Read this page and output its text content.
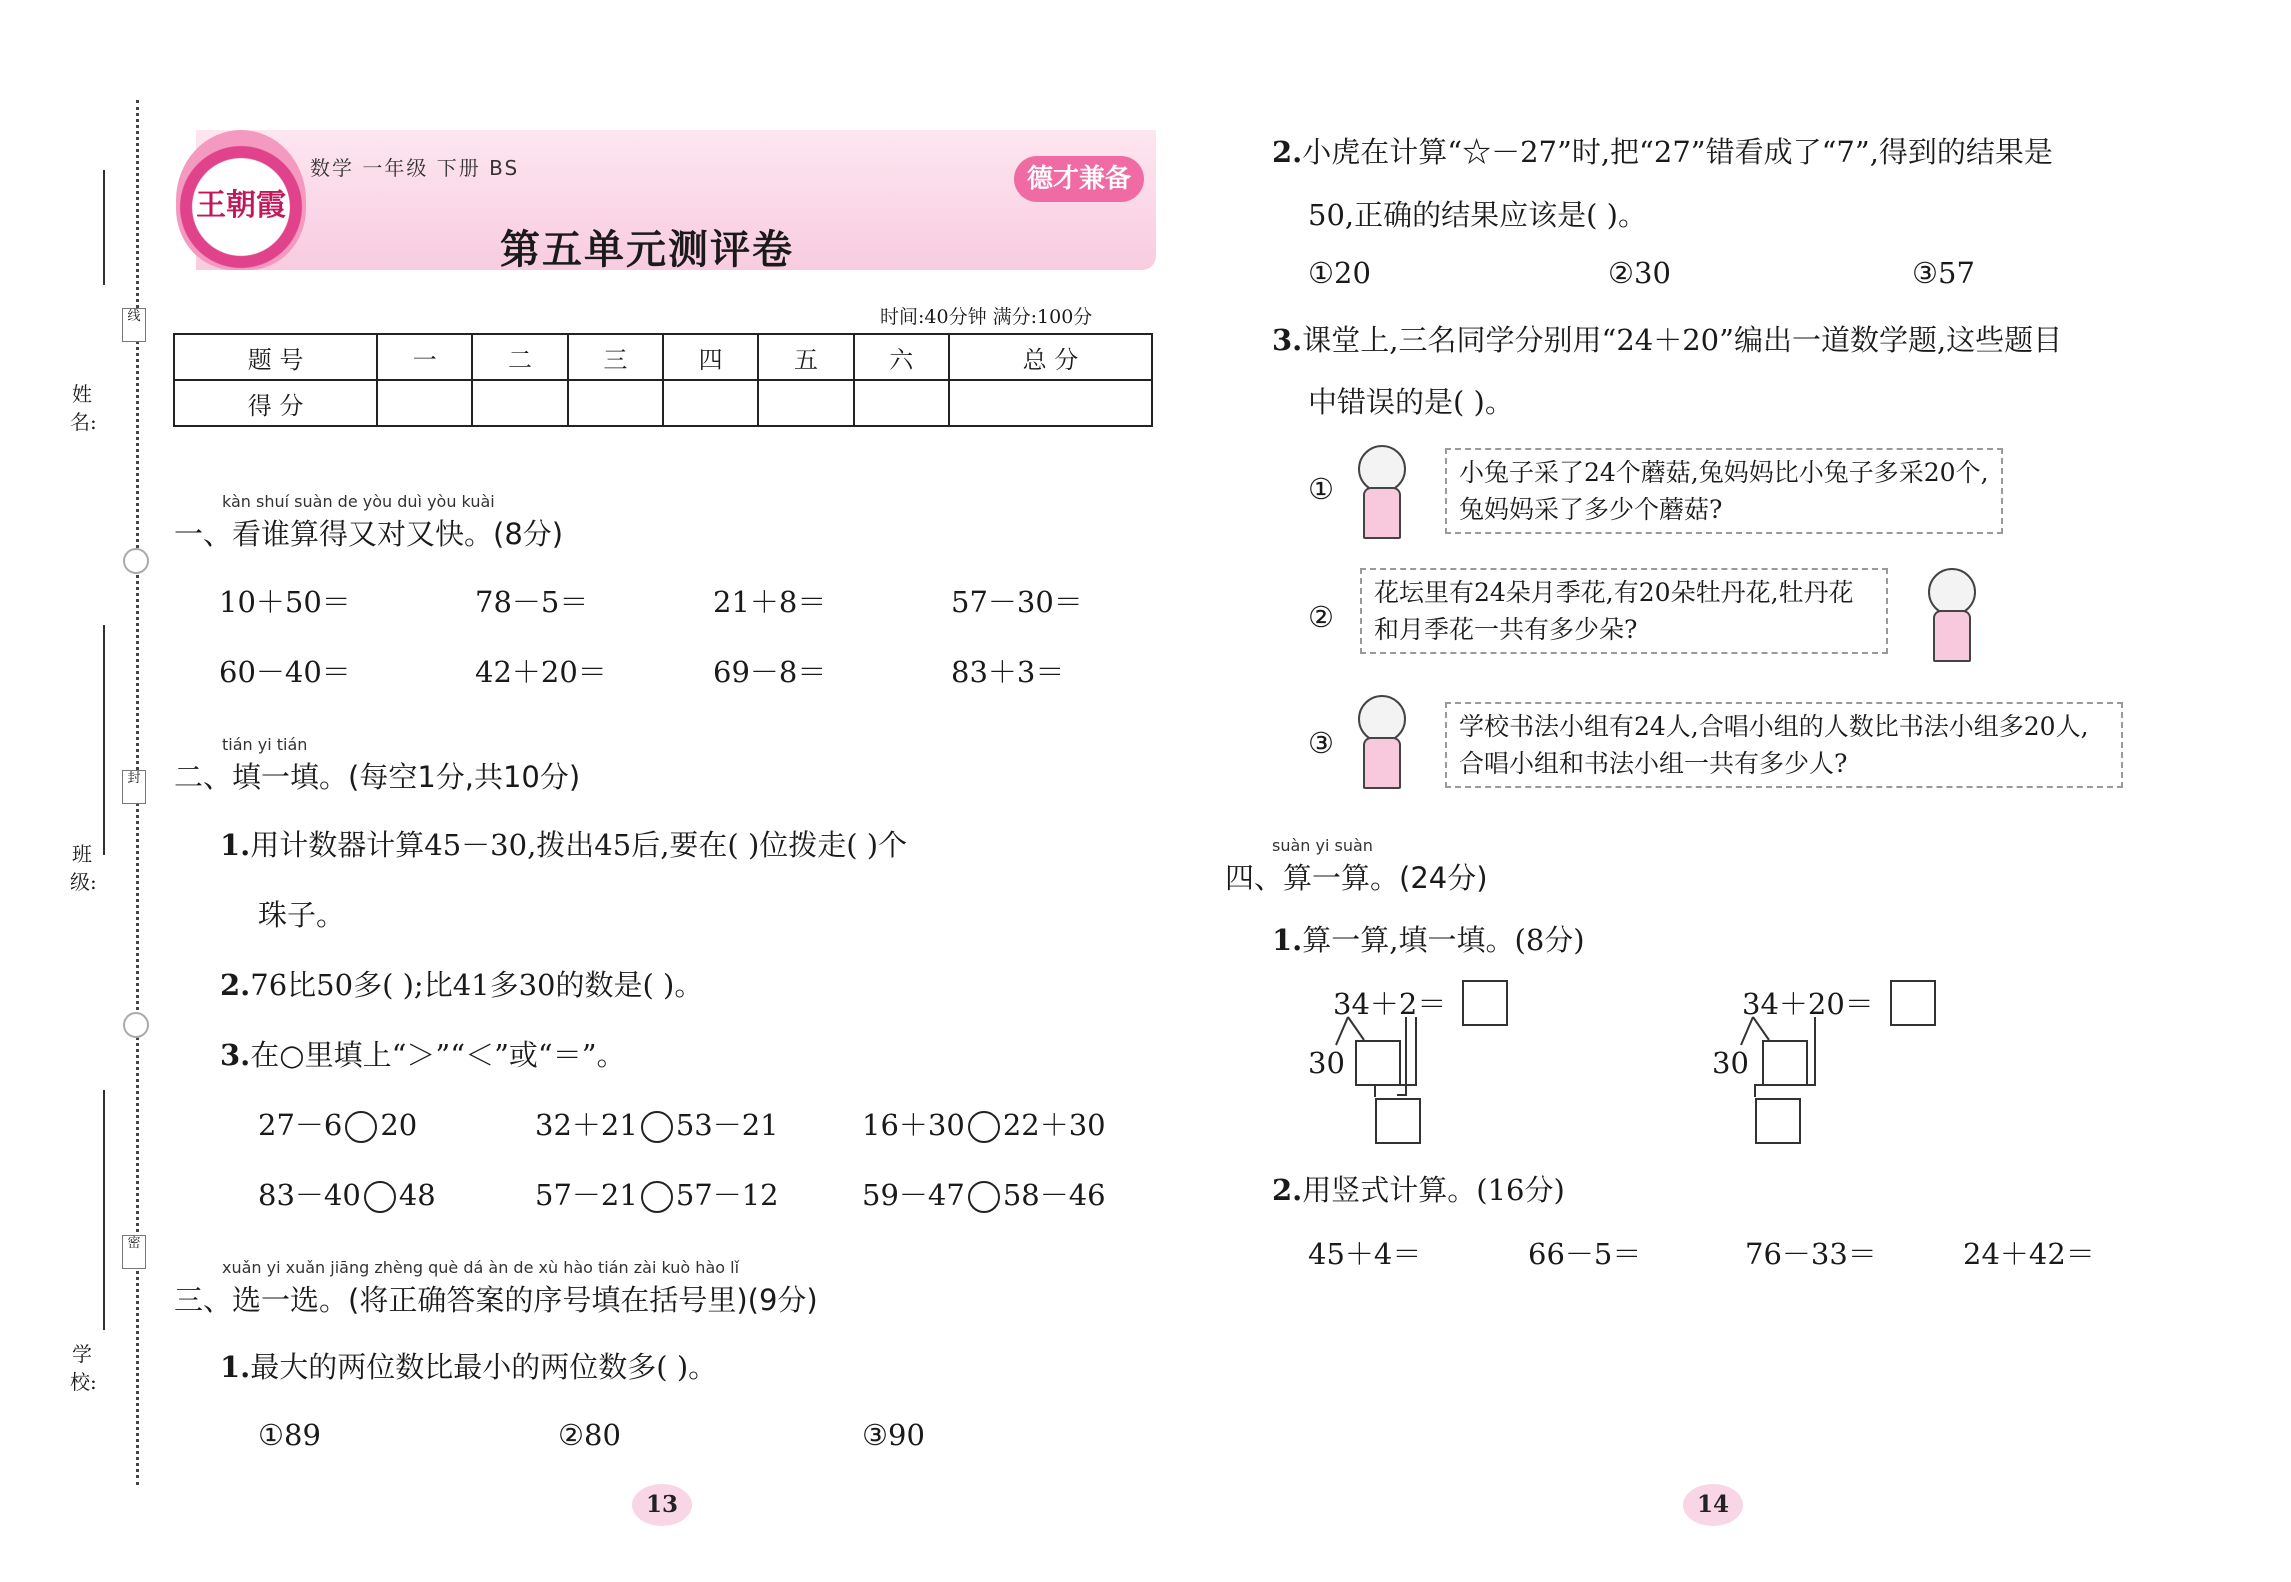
姓 名:
班 级:
学 校:
线
封
密
王朝霞
数学 一年级 下册 BS	德才兼备
第五单元测评卷
时间:40分钟 满分:100分
题 号	一	二	三	四	五	六	总 分
得 分							
kàn shuí suàn de yòu duì yòu kuài
一、看谁算得又对又快。(8分)
10＋50＝	78－5＝	21＋8＝	57－30＝
60－40＝	42＋20＝	69－8＝	83＋3＝
tián yi tián
二、填一填。(每空1分,共10分)
1.用计数器计算45－30,拨出45后,要在( )位拨走( )个
珠子。
2.76比50多( );比41多30的数是( )。
3.在○里填上“＞”“＜”或“＝”。
27－6 20	32＋21 53－21	16＋30 22＋30
83－40 48	57－21 57－12	59－47 58－46
xuǎn yi xuǎn jiāng zhèng què dá àn de xù hào tián zài kuò hào lǐ
三、选一选。(将正确答案的序号填在括号里)(9分)
1.最大的两位数比最小的两位数多( )。
①89	②80	③90
13
2.小虎在计算“☆－27”时,把“27”错看成了“7”,得到的结果是
50,正确的结果应该是( )。
①20	②30	③57
3.课堂上,三名同学分别用“24＋20”编出一道数学题,这些题目
中错误的是( )。
①	小兔子采了24个蘑菇,兔妈妈比小兔子多采20个,兔妈妈采了多少个蘑菇?
②
花坛里有24朵月季花,有20朵牡丹花,牡丹花和月季花一共有多少朵?
③	学校书法小组有24人,合唱小组的人数比书法小组多20人,合唱小组和书法小组一共有多少人?
suàn yi suàn
四、算一算。(24分)
1.算一算,填一填。(8分)
34＋2＝
30
34＋20＝
30
2.用竖式计算。(16分)
45＋4＝	66－5＝	76－33＝	24＋42＝
14
